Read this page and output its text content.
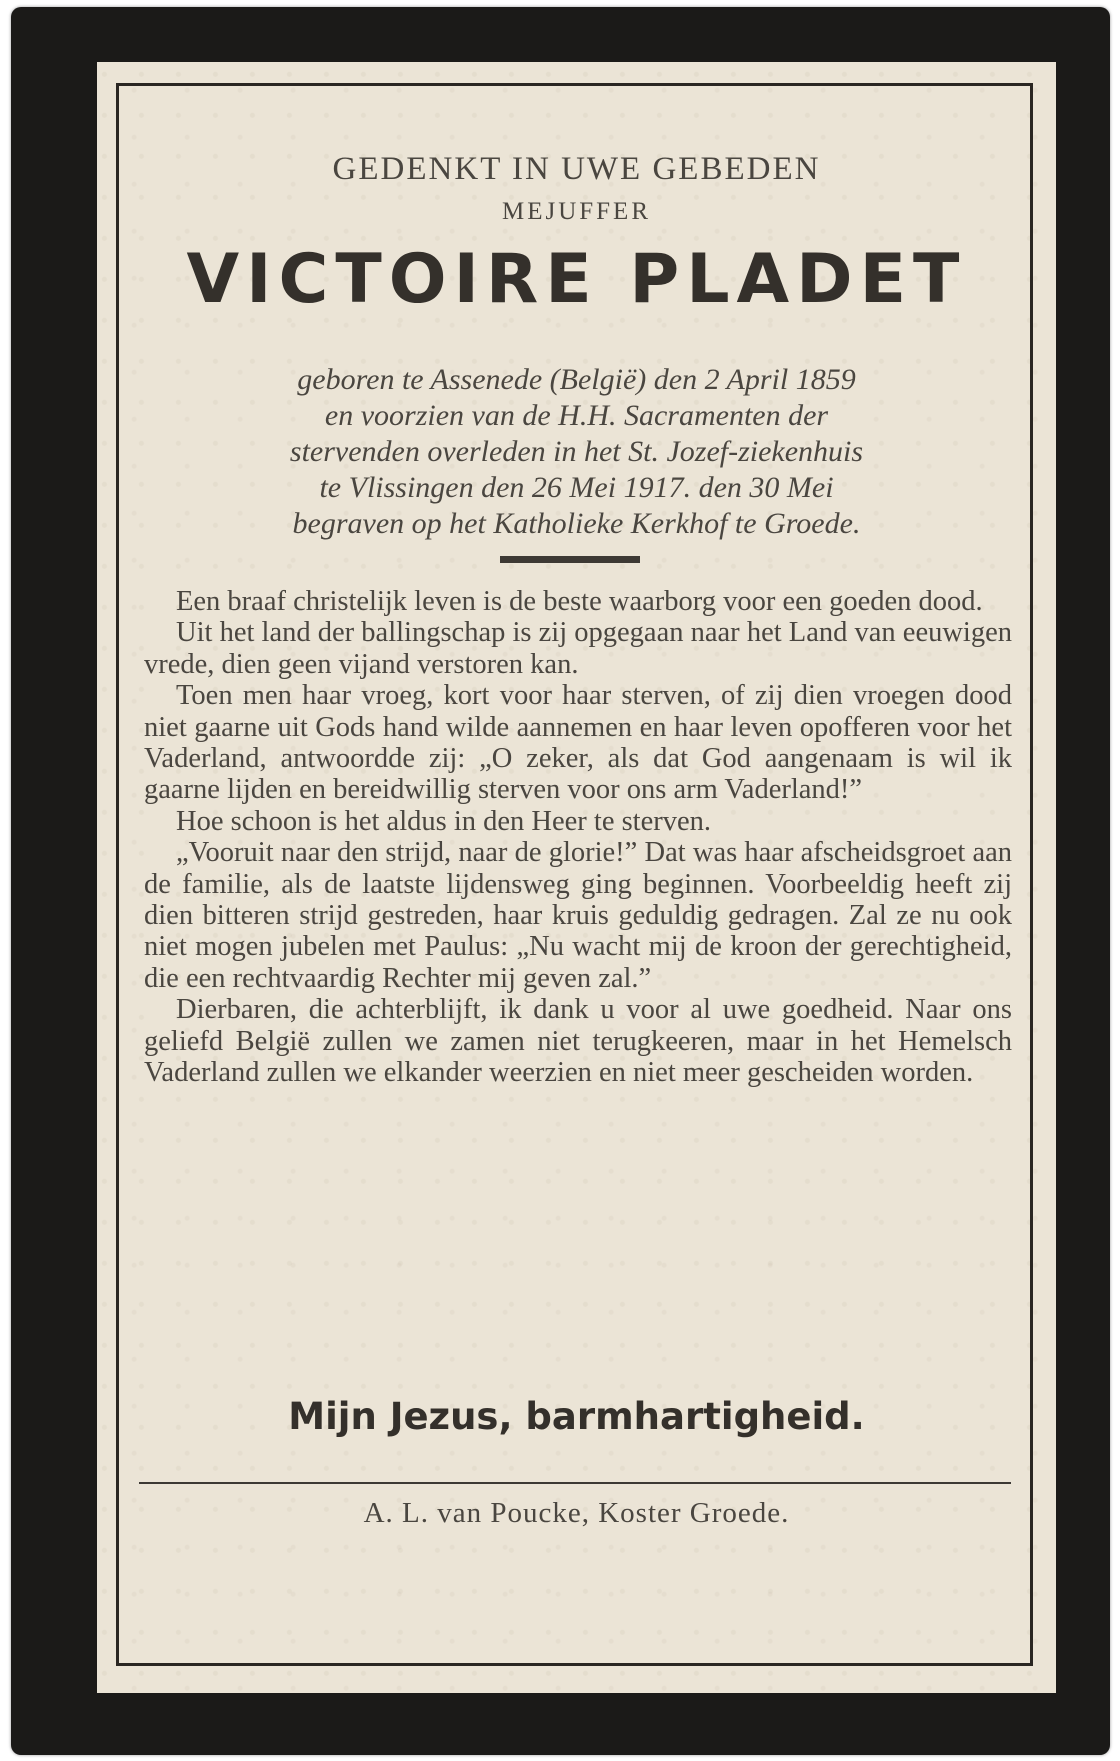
GEDENKT IN UWE GEBEDEN
MEJUFFER
VICTOIRE PLADET
geboren te Assenede (België) den 2 April 1859
en voorzien van de H.H. Sacramenten der
stervenden overleden in het St. Jozef-ziekenhuis
te Vlissingen den 26 Mei 1917. den 30 Mei
begraven op het Katholieke Kerkhof te Groede.

Een braaf christelijk leven is de beste waarborg voor een goeden dood.

Uit het land der ballingschap is zij opgegaan naar het Land van eeuwigen vrede, dien geen vijand verstoren kan.

Toen men haar vroeg, kort voor haar sterven, of zij dien vroegen dood niet gaarne uit Gods hand wilde aannemen en haar leven opofferen voor het Vaderland, antwoordde zij: „O zeker, als dat God aangenaam is wil ik gaarne lijden en bereidwillig sterven voor ons arm Vaderland!”

Hoe schoon is het aldus in den Heer te sterven.

„Vooruit naar den strijd, naar de glorie!” Dat was haar afscheidsgroet aan de familie, als de laatste lijdensweg ging beginnen. Voorbeeldig heeft zij dien bitteren strijd gestreden, haar kruis geduldig gedragen. Zal ze nu ook niet mogen jubelen met Paulus: „Nu wacht mij de kroon der gerechtigheid, die een rechtvaardig Rechter mij geven zal.”

Dierbaren, die achterblijft, ik dank u voor al uwe goedheid. Naar ons geliefd België zullen we zamen niet terugkeeren, maar in het Hemelsch Vaderland zullen we elkander weerzien en niet meer gescheiden worden.

Mijn Jezus, barmhartigheid.
A. L. van Poucke, Koster Groede.
